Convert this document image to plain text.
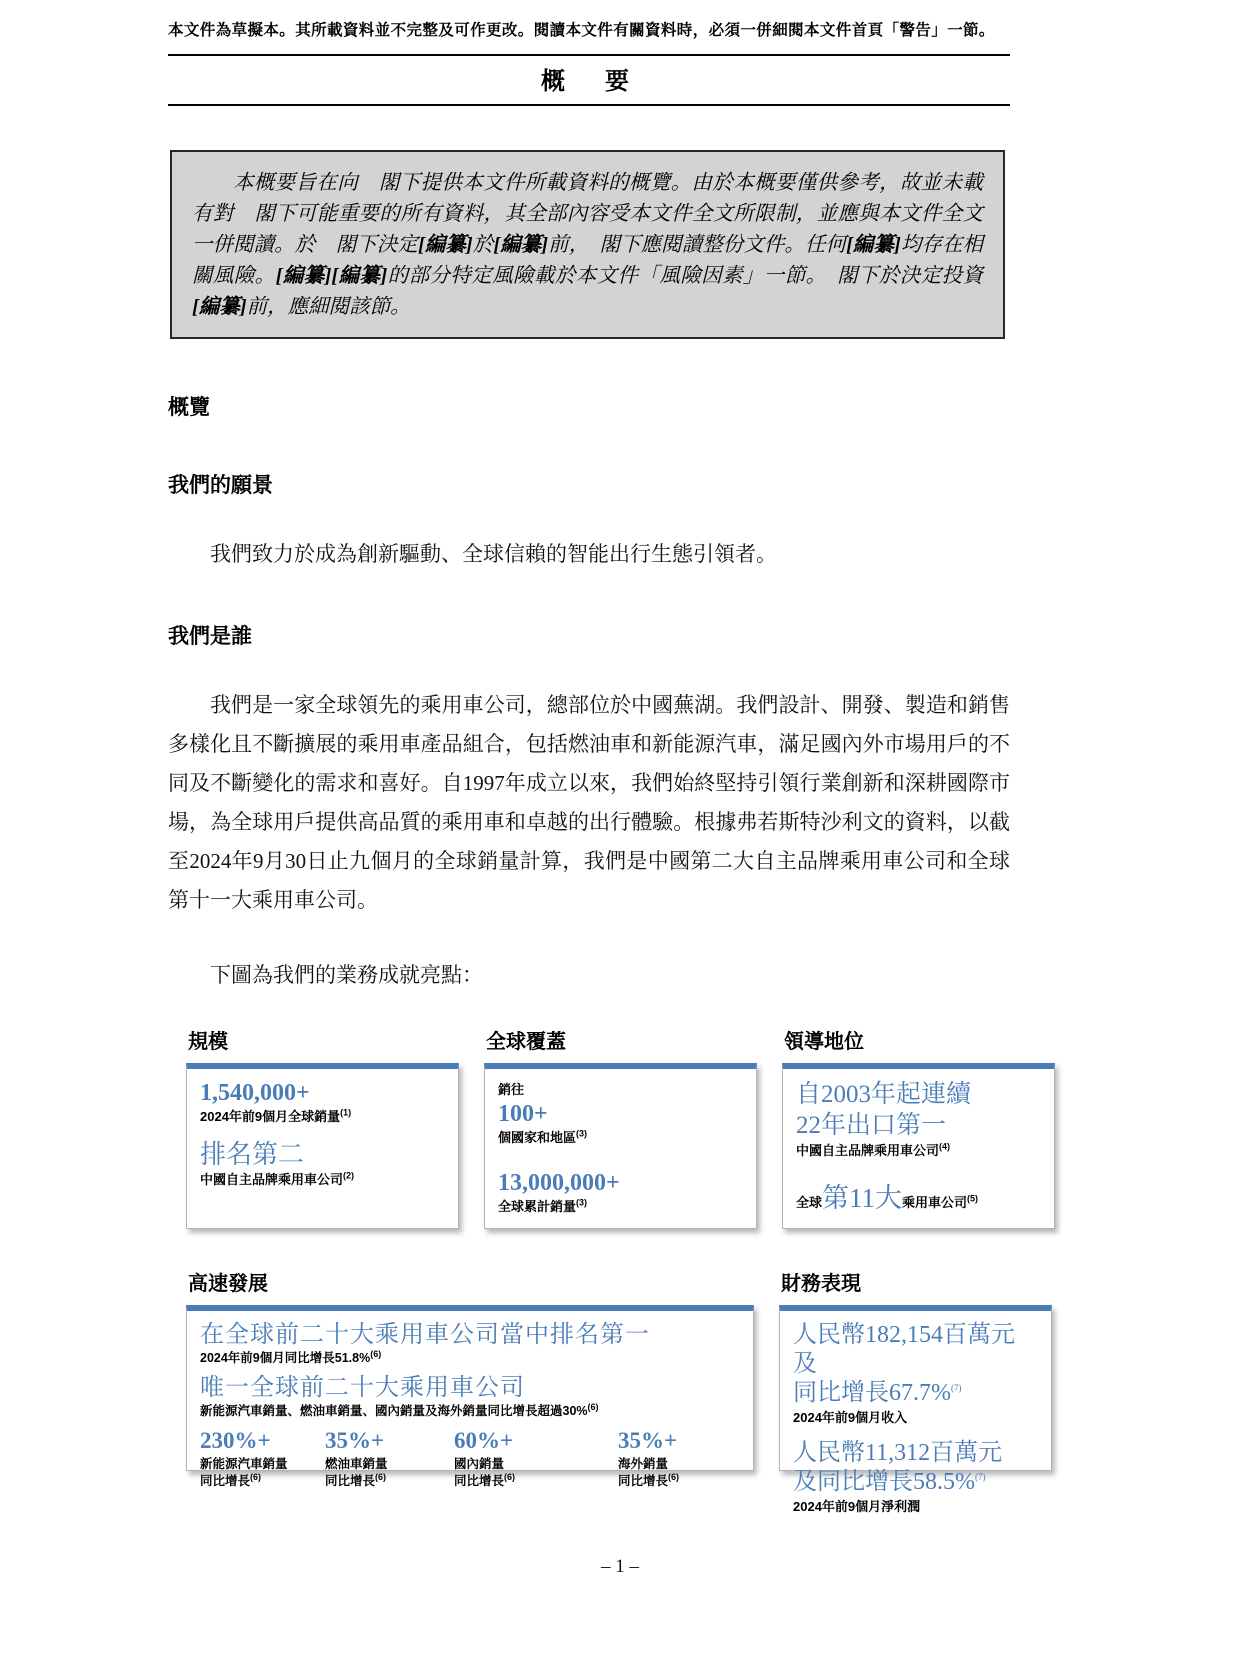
本文件為草擬本。其所載資料並不完整及可作更改。閱讀本文件有關資料時，必須一併細閱本文件首頁「警告」一節。
概　要
本概要旨在向　閣下提供本文件所載資料的概覽。由於本概要僅供參考，故並未載有對　閣下可能重要的所有資料，其全部內容受本文件全文所限制，並應與本文件全文一併閱讀。於　閣下決定[編纂]於[編纂]前，　閣下應閱讀整份文件。任何[編纂]均存在相關風險。[編纂][編纂]的部分特定風險載於本文件「風險因素」一節。　閣下於決定投資[編纂]前，應細閱該節。
概覽
我們的願景

我們致力於成為創新驅動、全球信賴的智能出行生態引領者。

我們是誰

我們是一家全球領先的乘用車公司，總部位於中國蕪湖。我們設計、開發、製造和銷售多樣化且不斷擴展的乘用車產品組合，包括燃油車和新能源汽車，滿足國內外市場用戶的不同及不斷變化的需求和喜好。自1997年成立以來，我們始終堅持引領行業創新和深耕國際市場，為全球用戶提供高品質的乘用車和卓越的出行體驗。根據弗若斯特沙利文的資料，以截至2024年9月30日止九個月的全球銷量計算，我們是中國第二大自主品牌乘用車公司和全球第十一大乘用車公司。

下圖為我們的業務成就亮點：

規模
1,540,000+
2024年前9個月全球銷量$^{(1)}$
排名第二
中國自主品牌乘用車公司$^{(2)}$
全球覆蓋
銷往
100+
個國家和地區$^{(3)}$
13,000,000+
全球累計銷量$^{(3)}$
領導地位
自2003年起連續
22年出口第一
中國自主品牌乘用車公司$^{(4)}$
全球第11大乘用車公司$^{(5)}$
高速發展
在全球前二十大乘用車公司當中排名第一
2024年前9個月同比增長51.8%$^{(6)}$
唯一全球前二十大乘用車公司
新能源汽車銷量、燃油車銷量、國內銷量及海外銷量同比增長超過30%$^{(6)}$
230%+
新能源汽車銷量
同比增長$^{(6)}$
35%+
燃油車銷量
同比增長$^{(6)}$
60%+
國內銷量
同比增長$^{(6)}$
35%+
海外銷量
同比增長$^{(6)}$
財務表現
人民幣182,154百萬元及
同比增長67.7%$^{(7)}$
2024年前9個月收入
人民幣11,312百萬元
及同比增長58.5%$^{(7)}$
2024年前9個月淨利潤
– 1 –
